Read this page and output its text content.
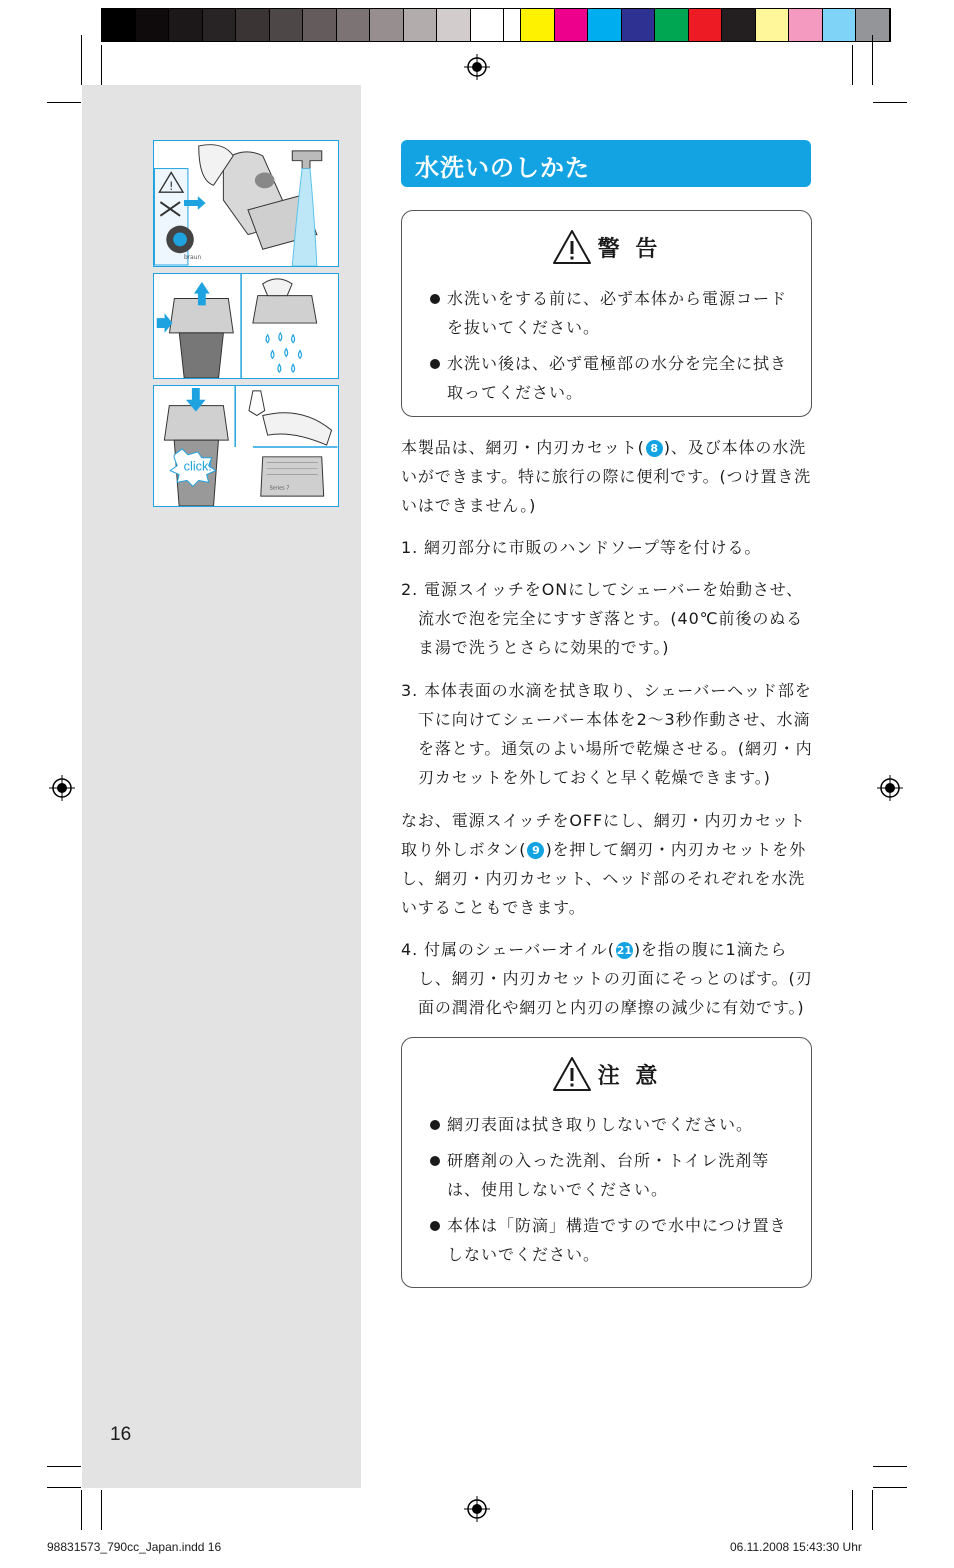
!
braun
click!
Series 7
16
水洗いのしかた
警 告
水洗いをする前に、必ず本体から電源コードを抜いてください。
水洗い後は、必ず電極部の水分を完全に拭き取ってください。
本製品は、網刃・内刃カセット( 8 )、及び本体の水洗いができます。特に旅行の際に便利です。(つけ置き洗いはできません。)
1. 網刃部分に市販のハンドソープ等を付ける。
2. 電源スイッチをONにしてシェーバーを始動させ、流水で泡を完全にすすぎ落とす。(40℃前後のぬるま湯で洗うとさらに効果的です。)
3. 本体表面の水滴を拭き取り、シェーバーヘッド部を下に向けてシェーバー本体を2～3秒作動させ、水滴を落とす。通気のよい場所で乾燥させる。(網刃・内刃カセットを外しておくと早く乾燥できます。)
なお、電源スイッチをOFFにし、網刃・内刃カセット取り外しボタン( 9 )を押して網刃・内刃カセットを外し、網刃・内刃カセット、ヘッド部のそれぞれを水洗いすることもできます。
4. 付属のシェーバーオイル( 21 )を指の腹に1滴たらし、網刃・内刃カセットの刃面にそっとのばす。(刃面の潤滑化や網刃と内刃の摩擦の減少に有効です。)
注 意
網刃表面は拭き取りしないでください。
研磨剤の入った洗剤、台所・トイレ洗剤等は、使用しないでください。
本体は「防滴」構造ですので水中につけ置きしないでください。
98831573_790cc_Japan.indd 16	06.11.2008 15:43:30 Uhr
